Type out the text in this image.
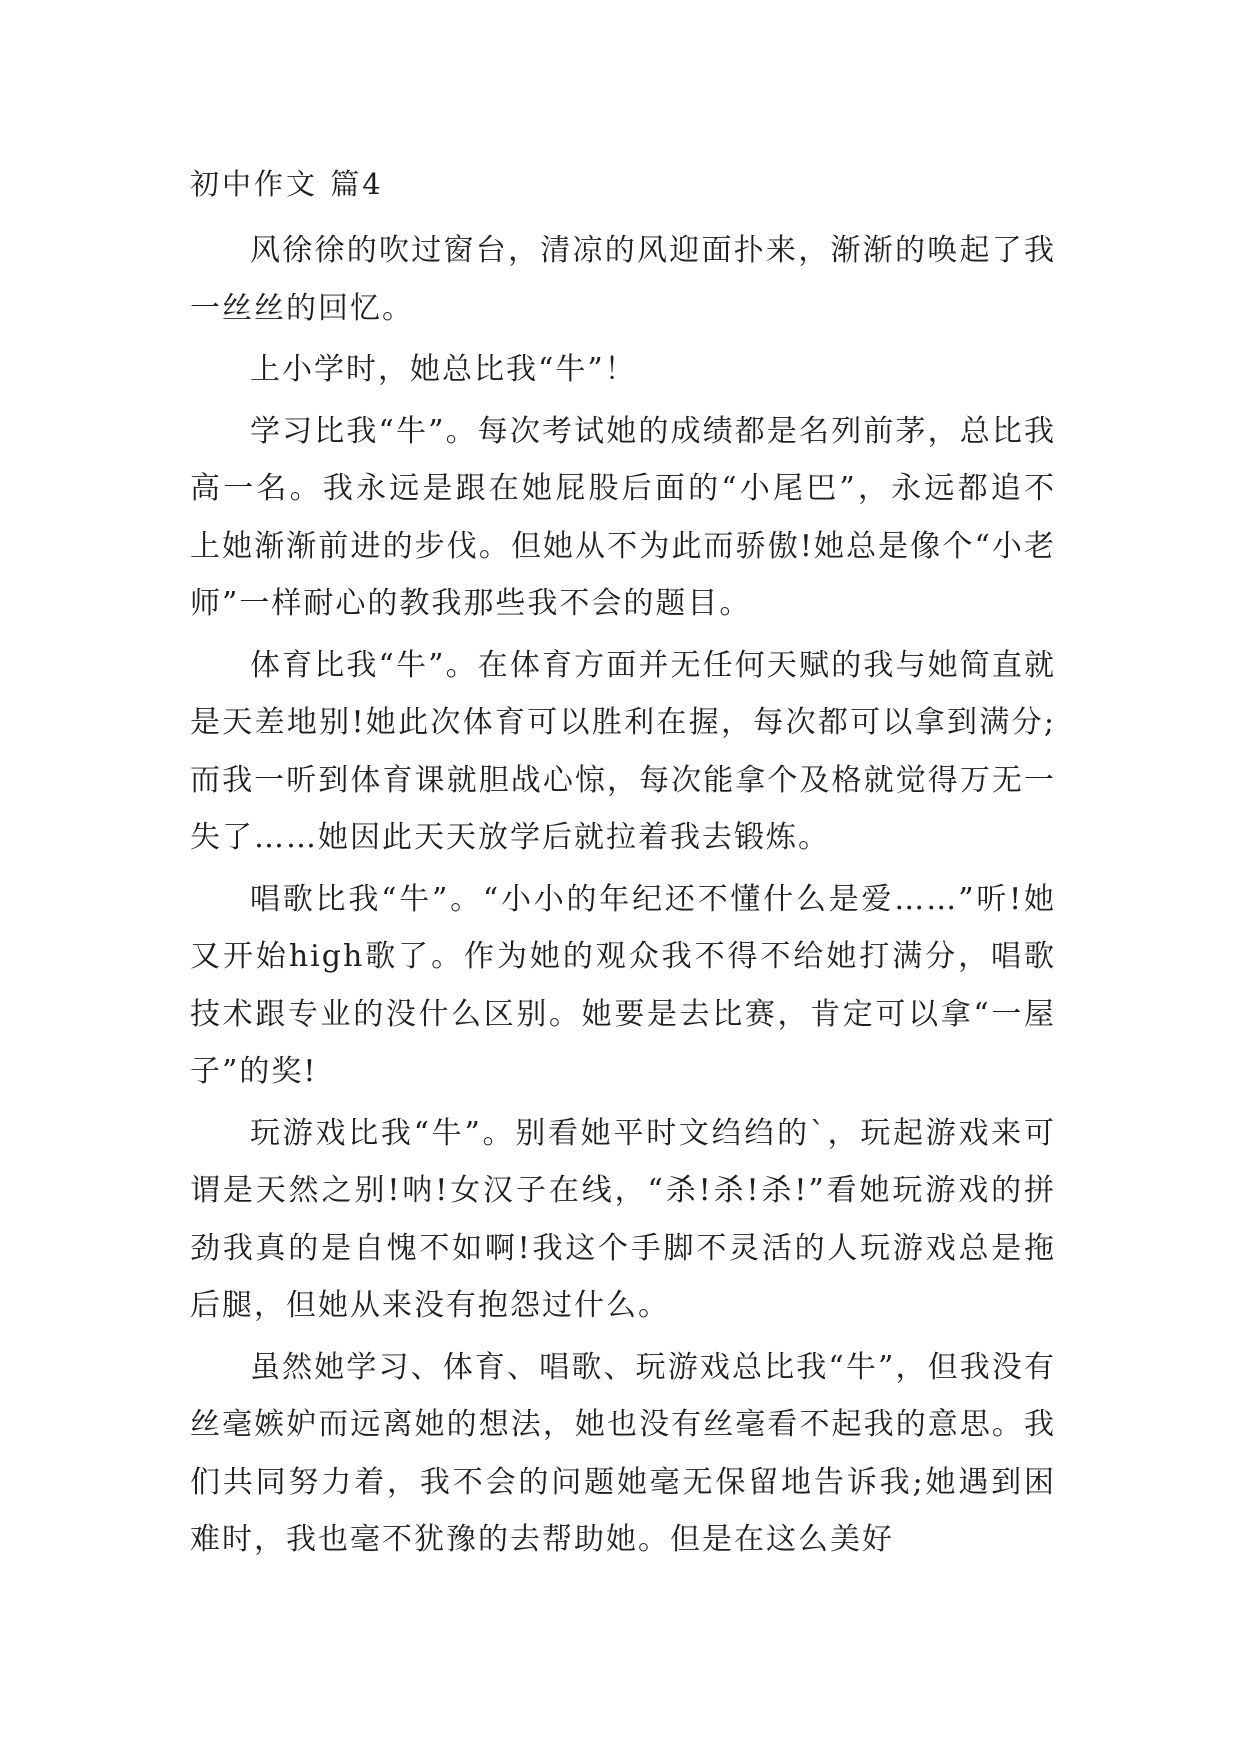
初中作文 篇4

风徐徐的吹过窗台，清凉的风迎面扑来，渐渐的唤起了我一丝丝的回忆。

上小学时，她总比我“牛”！

学习比我“牛”。每次考试她的成绩都是名列前茅，总比我高一名。我永远是跟在她屁股后面的“小尾巴”，永远都追不上她渐渐前进的步伐。但她从不为此而骄傲!她总是像个“小老师”一样耐心的教我那些我不会的题目。

体育比我“牛”。在体育方面并无任何天赋的我与她简直就是天差地别!她此次体育可以胜利在握，每次都可以拿到满分;而我一听到体育课就胆战心惊，每次能拿个及格就觉得万无一失了……她因此天天放学后就拉着我去锻炼。

唱歌比我“牛”。“小小的年纪还不懂什么是爱……”听!她又开始high歌了。作为她的观众我不得不给她打满分，唱歌技术跟专业的没什么区别。她要是去比赛，肯定可以拿“一屋子”的奖!

玩游戏比我“牛”。别看她平时文绉绉的`，玩起游戏来可谓是天然之别!呐!女汉子在线，“杀!杀!杀!”看她玩游戏的拼劲我真的是自愧不如啊!我这个手脚不灵活的人玩游戏总是拖后腿，但她从来没有抱怨过什么。

虽然她学习、体育、唱歌、玩游戏总比我“牛”，但我没有丝毫嫉妒而远离她的想法，她也没有丝毫看不起我的意思。我们共同努力着，我不会的问题她毫无保留地告诉我;她遇到困难时，我也毫不犹豫的去帮助她。但是在这么美好
